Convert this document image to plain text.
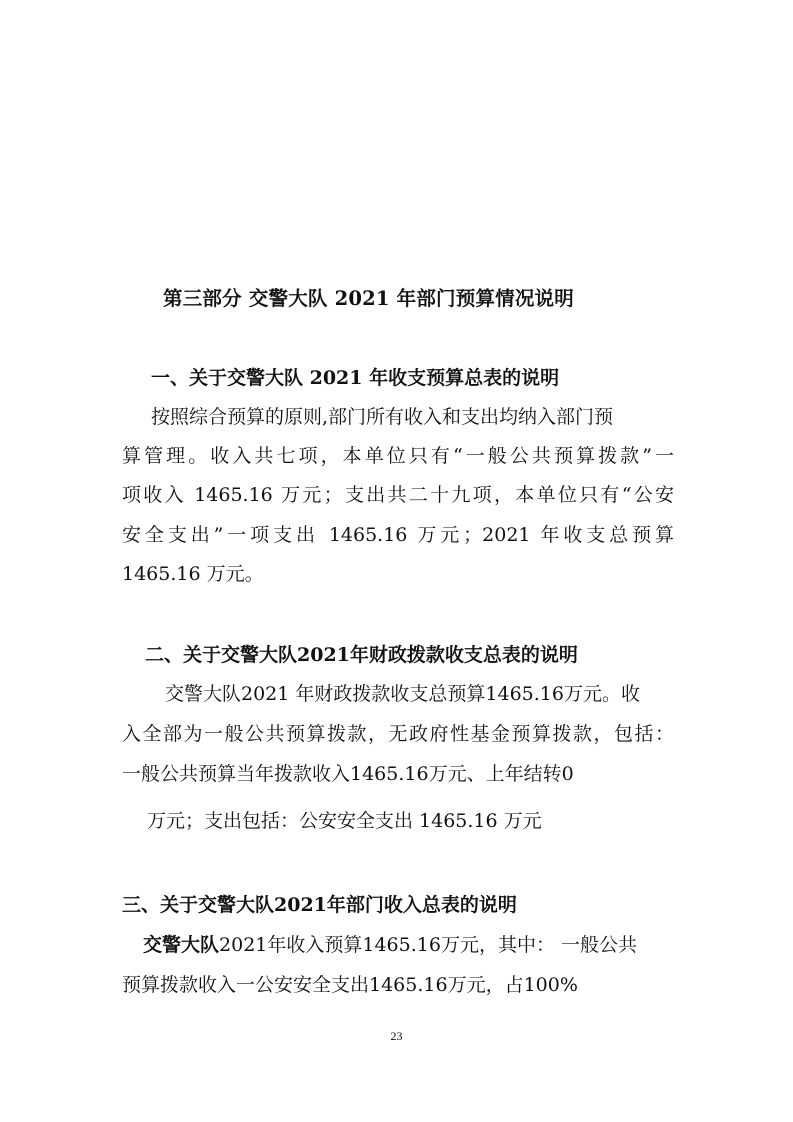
第三部分 交警大队 2021 年部门预算情况说明
一、关于交警大队 2021 年收支预算总表的说明
按照综合预算的原则,部门所有收入和支出均纳入部门预
算管理。收入共七项，本单位只有“一般公共预算拨款”一
项收入 1465.16 万元；支出共二十九项，本单位只有“公安
安全支出”一项支出 1465.16 万元；2021 年收支总预算
1465.16 万元。
二、关于交警大队2021年财政拨款收支总表的说明
交警大队2021 年财政拨款收支总预算1465.16万元。收
入全部为一般公共预算拨款，无政府性基金预算拨款，包括：
一般公共预算当年拨款收入1465.16万元、上年结转0
万元；支出包括：公安安全支出 1465.16 万元
三、关于交警大队2021年部门收入总表的说明
交警大队2021年收入预算1465.16万元，其中： 一般公共
预算拨款收入一公安安全支出1465.16万元，占100%
23
